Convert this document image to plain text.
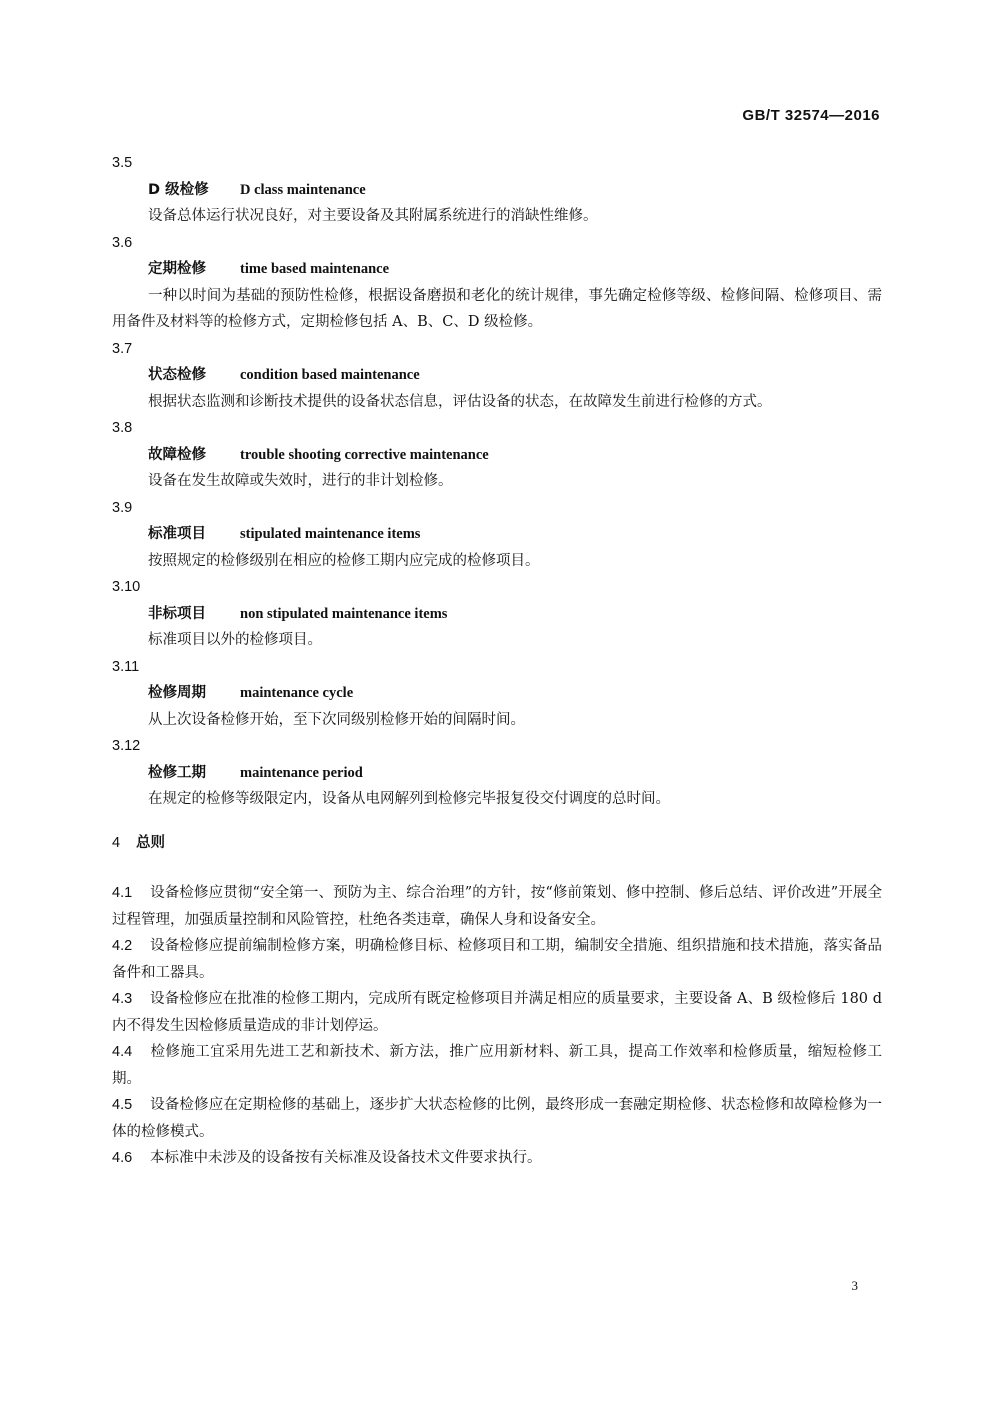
GB/T 32574—2016
3.5
D 级检修 D class maintenance
设备总体运行状况良好，对主要设备及其附属系统进行的消缺性维修。
3.6
定期检修 time based maintenance
一种以时间为基础的预防性检修，根据设备磨损和老化的统计规律，事先确定检修等级、检修间隔、检修项目、需用备件及材料等的检修方式，定期检修包括 A、B、C、D 级检修。
3.7
状态检修 condition based maintenance
根据状态监测和诊断技术提供的设备状态信息，评估设备的状态，在故障发生前进行检修的方式。
3.8
故障检修 trouble shooting corrective maintenance
设备在发生故障或失效时，进行的非计划检修。
3.9
标准项目 stipulated maintenance items
按照规定的检修级别在相应的检修工期内应完成的检修项目。
3.10
非标项目 non stipulated maintenance items
标准项目以外的检修项目。
3.11
检修周期 maintenance cycle
从上次设备检修开始，至下次同级别检修开始的间隔时间。
3.12
检修工期 maintenance period
在规定的检修等级限定内，设备从电网解列到检修完毕报复役交付调度的总时间。
4 总则

4.1 设备检修应贯彻“安全第一、预防为主、综合治理”的方针，按“修前策划、修中控制、修后总结、评价改进”开展全过程管理，加强质量控制和风险管控，杜绝各类违章，确保人身和设备安全。

4.2 设备检修应提前编制检修方案，明确检修目标、检修项目和工期，编制安全措施、组织措施和技术措施，落实备品备件和工器具。

4.3 设备检修应在批准的检修工期内，完成所有既定检修项目并满足相应的质量要求，主要设备 A、B 级检修后 180 d 内不得发生因检修质量造成的非计划停运。

4.4 检修施工宜采用先进工艺和新技术、新方法，推广应用新材料、新工具，提高工作效率和检修质量，缩短检修工期。

4.5 设备检修应在定期检修的基础上，逐步扩大状态检修的比例，最终形成一套融定期检修、状态检修和故障检修为一体的检修模式。

4.6 本标准中未涉及的设备按有关标准及设备技术文件要求执行。

3
